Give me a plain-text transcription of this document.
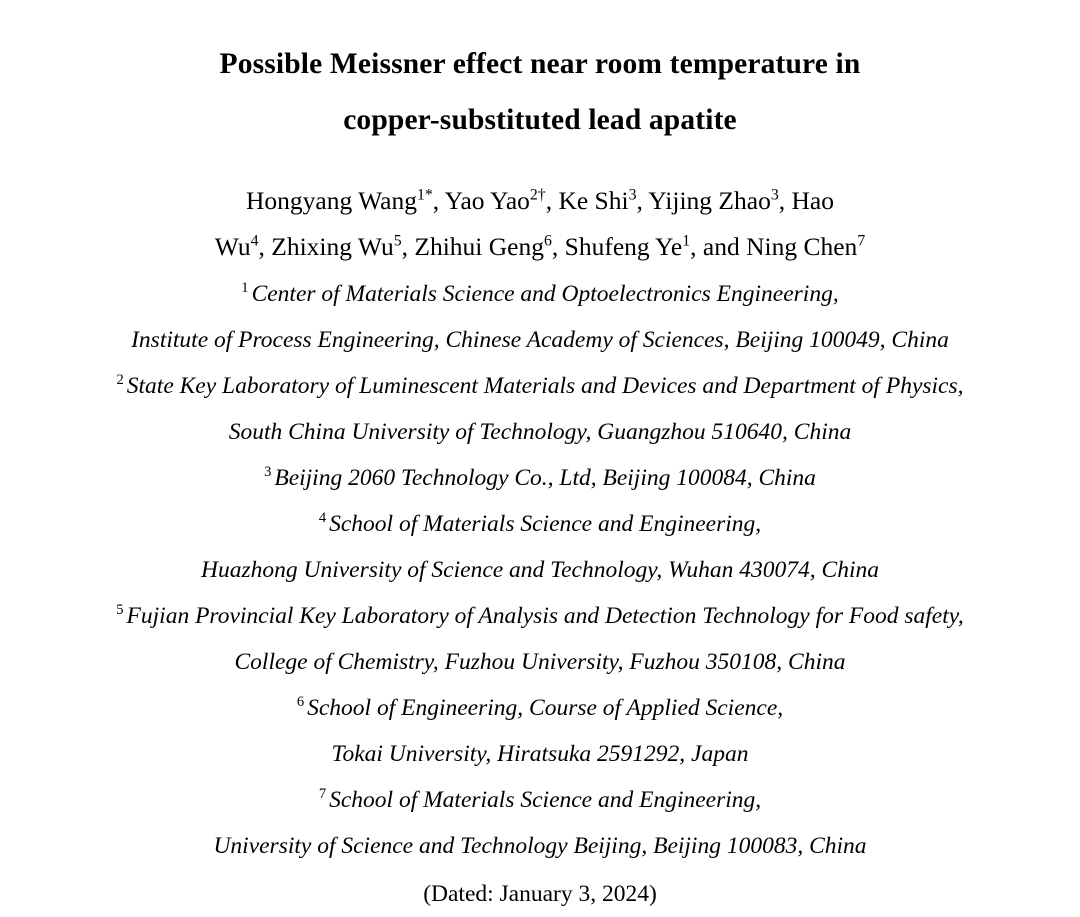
Possible Meissner effect near room temperature in
copper-substituted lead apatite
Hongyang Wang$^{1*}$, Yao Yao$^{2\dagger}$, Ke Shi$^3$, Yijing Zhao$^3$, Hao
Wu$^4$, Zhixing Wu$^5$, Zhihui Geng$^6$, Shufeng Ye$^1$, and Ning Chen$^7$
$^1$ Center of Materials Science and Optoelectronics Engineering,
Institute of Process Engineering, Chinese Academy of Sciences, Beijing 100049, China
$^2$ State Key Laboratory of Luminescent Materials and Devices and Department of Physics,
South China University of Technology, Guangzhou 510640, China
$^3$ Beijing 2060 Technology Co., Ltd, Beijing 100084, China
$^4$ School of Materials Science and Engineering,
Huazhong University of Science and Technology, Wuhan 430074, China
$^5$ Fujian Provincial Key Laboratory of Analysis and Detection Technology for Food safety,
College of Chemistry, Fuzhou University, Fuzhou 350108, China
$^6$ School of Engineering, Course of Applied Science,
Tokai University, Hiratsuka 2591292, Japan
$^7$ School of Materials Science and Engineering,
University of Science and Technology Beijing, Beijing 100083, China
(Dated: January 3, 2024)
